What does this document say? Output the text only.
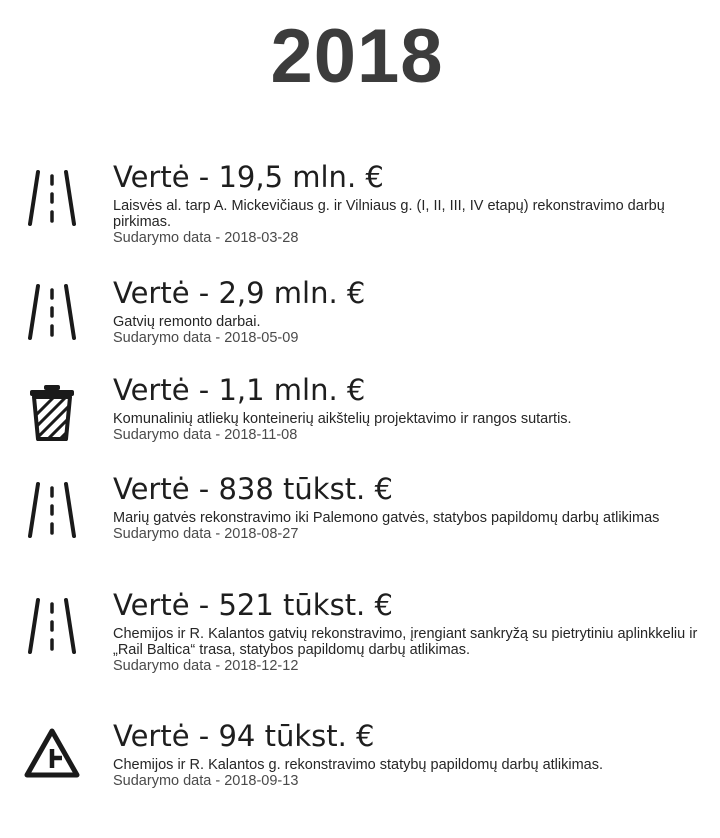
2018
Vertė - 19,5 mln. €
Laisvės al. tarp A. Mickevičiaus g. ir Vilniaus g. (I, II, III, IV etapų) rekonstravimo darbų pirkimas.
Sudarymo data - 2018-03-28
Vertė - 2,9 mln. €
Gatvių remonto darbai.
Sudarymo data - 2018-05-09
Vertė - 1,1 mln. €
Komunalinių atliekų konteinerių aikštelių projektavimo ir rangos sutartis.
Sudarymo data - 2018-11-08
Vertė - 838 tūkst. €
Marių gatvės rekonstravimo iki Palemono gatvės, statybos papildomų darbų atlikimas
Sudarymo data - 2018-08-27
Vertė - 521 tūkst. €
Chemijos ir R. Kalantos gatvių rekonstravimo, įrengiant sankryžą su pietrytiniu aplinkkeliu ir „Rail Baltica“ trasa, statybos papildomų darbų atlikimas.
Sudarymo data - 2018-12-12
Vertė - 94 tūkst. €
Chemijos ir R. Kalantos g. rekonstravimo statybų papildomų darbų atlikimas.
Sudarymo data - 2018-09-13
